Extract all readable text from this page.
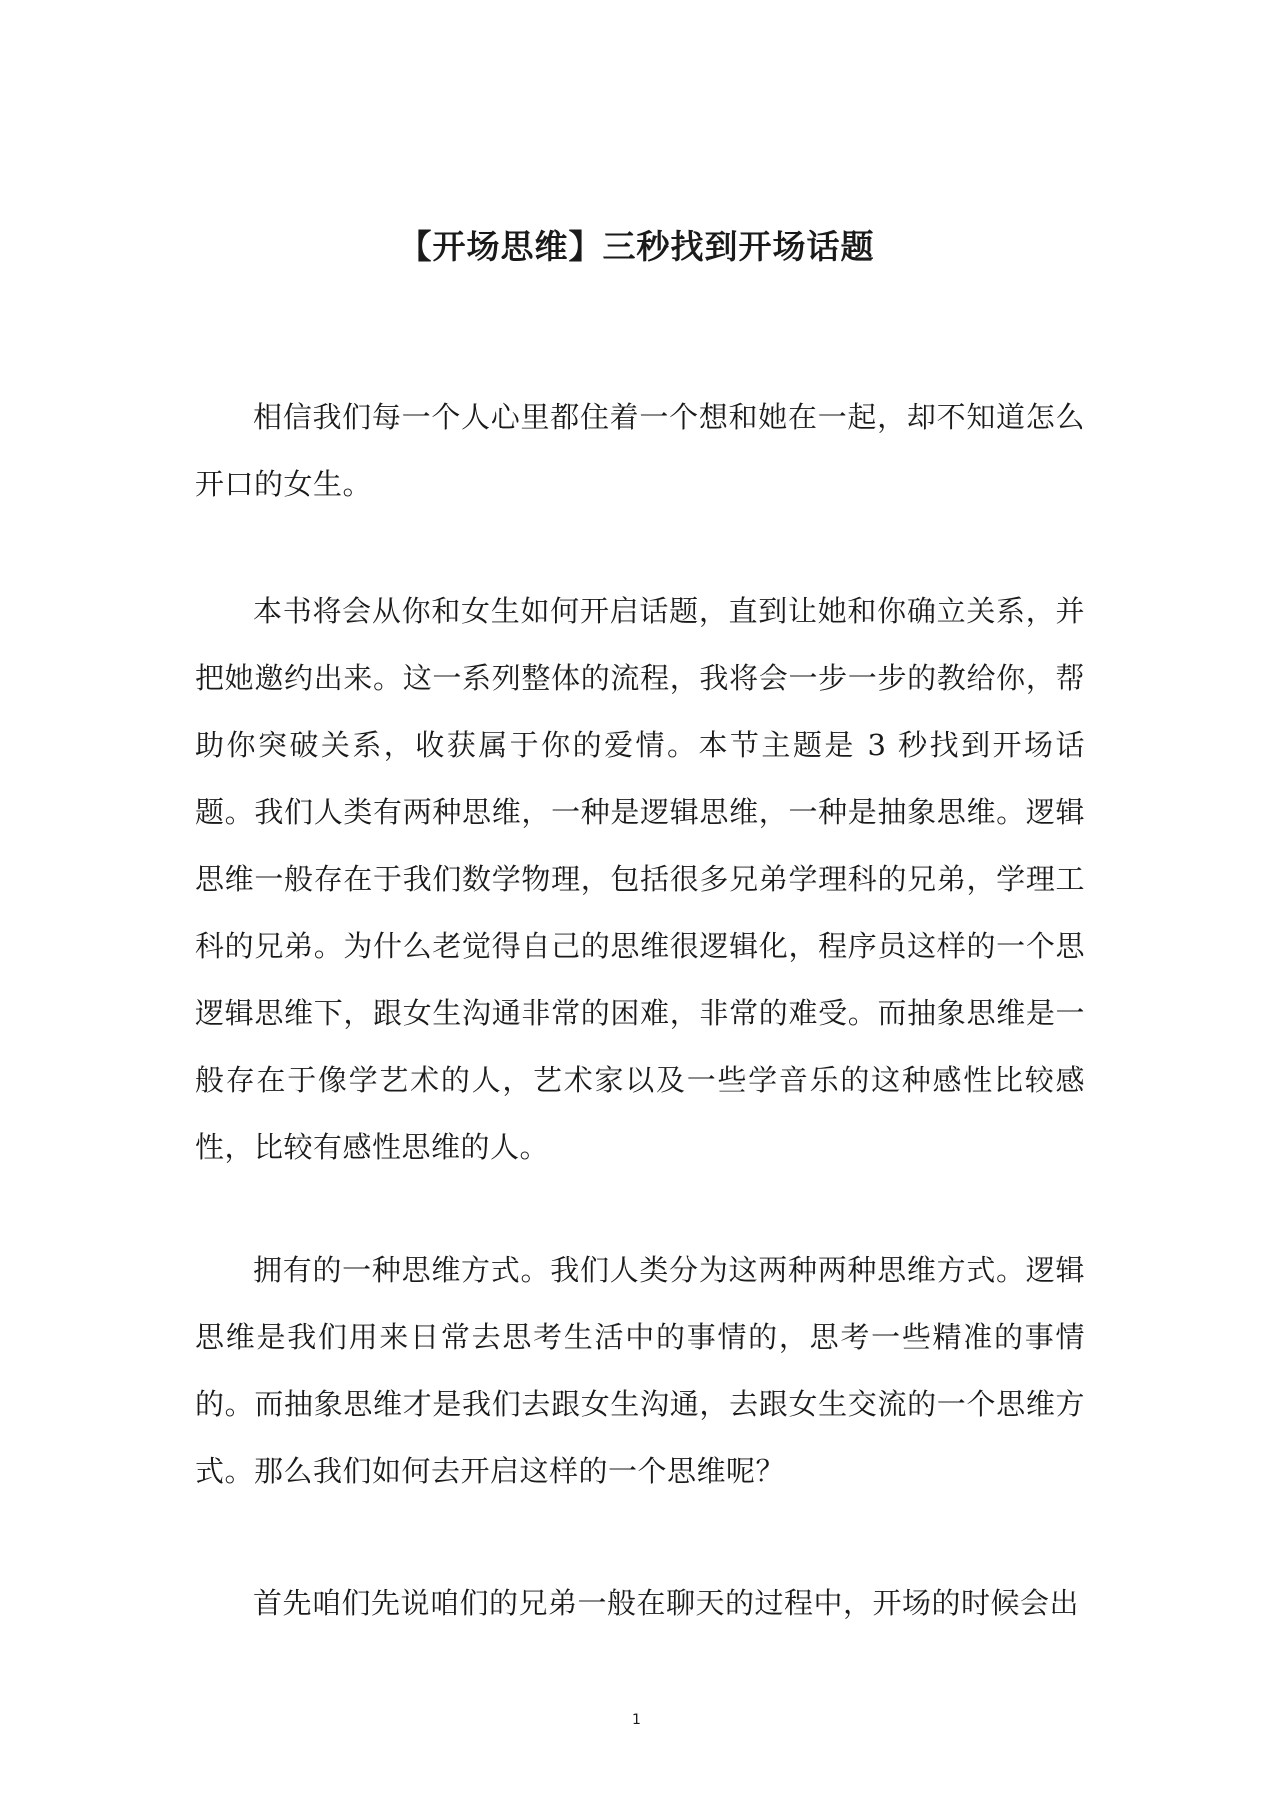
【开场思维】三秒找到开场话题

相信我们每一个人心里都住着一个想和她在一起，却不知道怎么开口的女生。

本书将会从你和女生如何开启话题，直到让她和你确立关系，并把她邀约出来。这一系列整体的流程，我将会一步一步的教给你，帮助你突破关系，收获属于你的爱情。本节主题是 3 秒找到开场话题。我们人类有两种思维，一种是逻辑思维，一种是抽象思维。逻辑思维一般存在于我们数学物理，包括很多兄弟学理科的兄弟，学理工科的兄弟。为什么老觉得自己的思维很逻辑化，程序员这样的一个思逻辑思维下，跟女生沟通非常的困难，非常的难受。而抽象思维是一般存在于像学艺术的人，艺术家以及一些学音乐的这种感性比较感性，比较有感性思维的人。

拥有的一种思维方式。我们人类分为这两种两种思维方式。逻辑思维是我们用来日常去思考生活中的事情的，思考一些精准的事情的。而抽象思维才是我们去跟女生沟通，去跟女生交流的一个思维方式。那么我们如何去开启这样的一个思维呢？

首先咱们先说咱们的兄弟一般在聊天的过程中，开场的时候会出

1
